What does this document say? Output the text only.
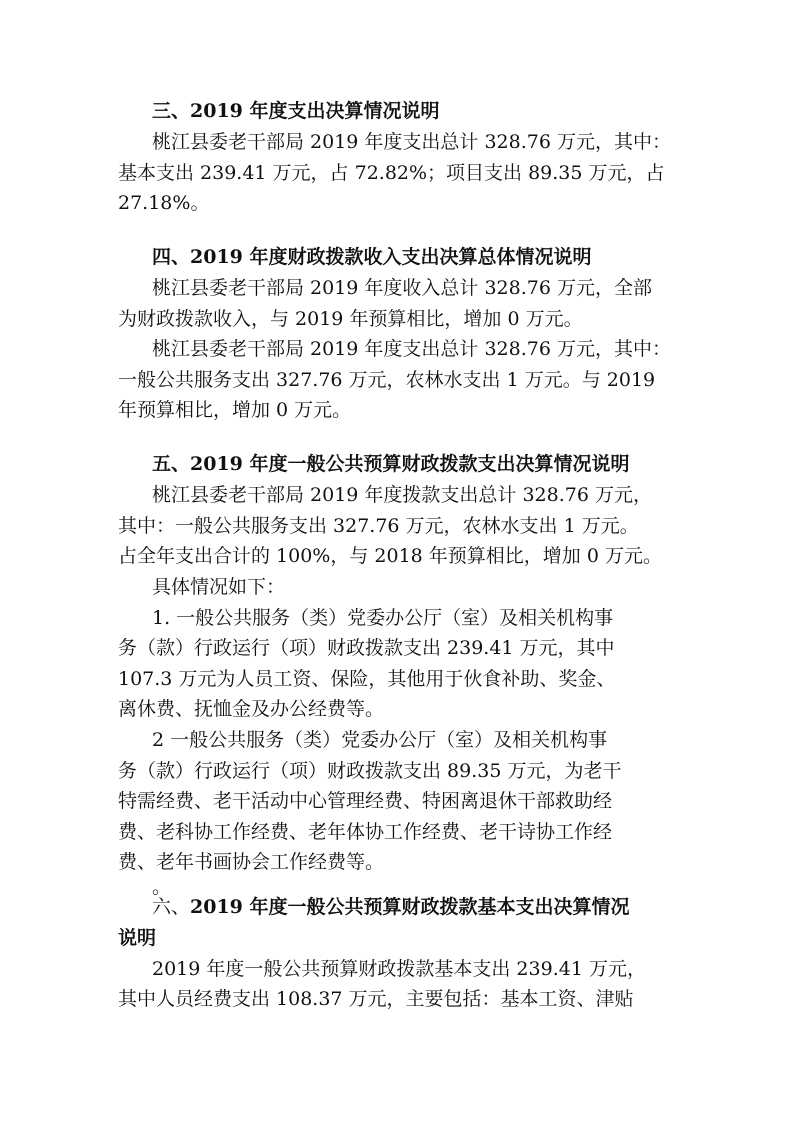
三、2019 年度支出决算情况说明
桃江县委老干部局 2019 年度支出总计 328.76 万元，其中：
基本支出 239.41 万元，占 72.82%；项目支出 89.35 万元，占
27.18%。
四、2019 年度财政拨款收入支出决算总体情况说明
桃江县委老干部局 2019 年度收入总计 328.76 万元，全部
为财政拨款收入，与 2019 年预算相比，增加 0 万元。
桃江县委老干部局 2019 年度支出总计 328.76 万元，其中：
一般公共服务支出 327.76 万元，农林水支出 1 万元。与 2019
年预算相比，增加 0 万元。
五、2019 年度一般公共预算财政拨款支出决算情况说明
桃江县委老干部局 2019 年度拨款支出总计 328.76 万元，
其中：一般公共服务支出 327.76 万元，农林水支出 1 万元。
占全年支出合计的 100%，与 2018 年预算相比，增加 0 万元。
具体情况如下：
1. 一般公共服务（类）党委办公厅（室）及相关机构事
务（款）行政运行（项）财政拨款支出 239.41 万元，其中
107.3 万元为人员工资、保险，其他用于伙食补助、奖金、
离休费、抚恤金及办公经费等。
2 一般公共服务（类）党委办公厅（室）及相关机构事
务（款）行政运行（项）财政拨款支出 89.35 万元，为老干
特需经费、老干活动中心管理经费、特困离退休干部救助经
费、老科协工作经费、老年体协工作经费、老干诗协工作经
费、老年书画协会工作经费等。
。
六、2019 年度一般公共预算财政拨款基本支出决算情况
说明
2019 年度一般公共预算财政拨款基本支出 239.41 万元，
其中人员经费支出 108.37 万元，主要包括：基本工资、津贴
